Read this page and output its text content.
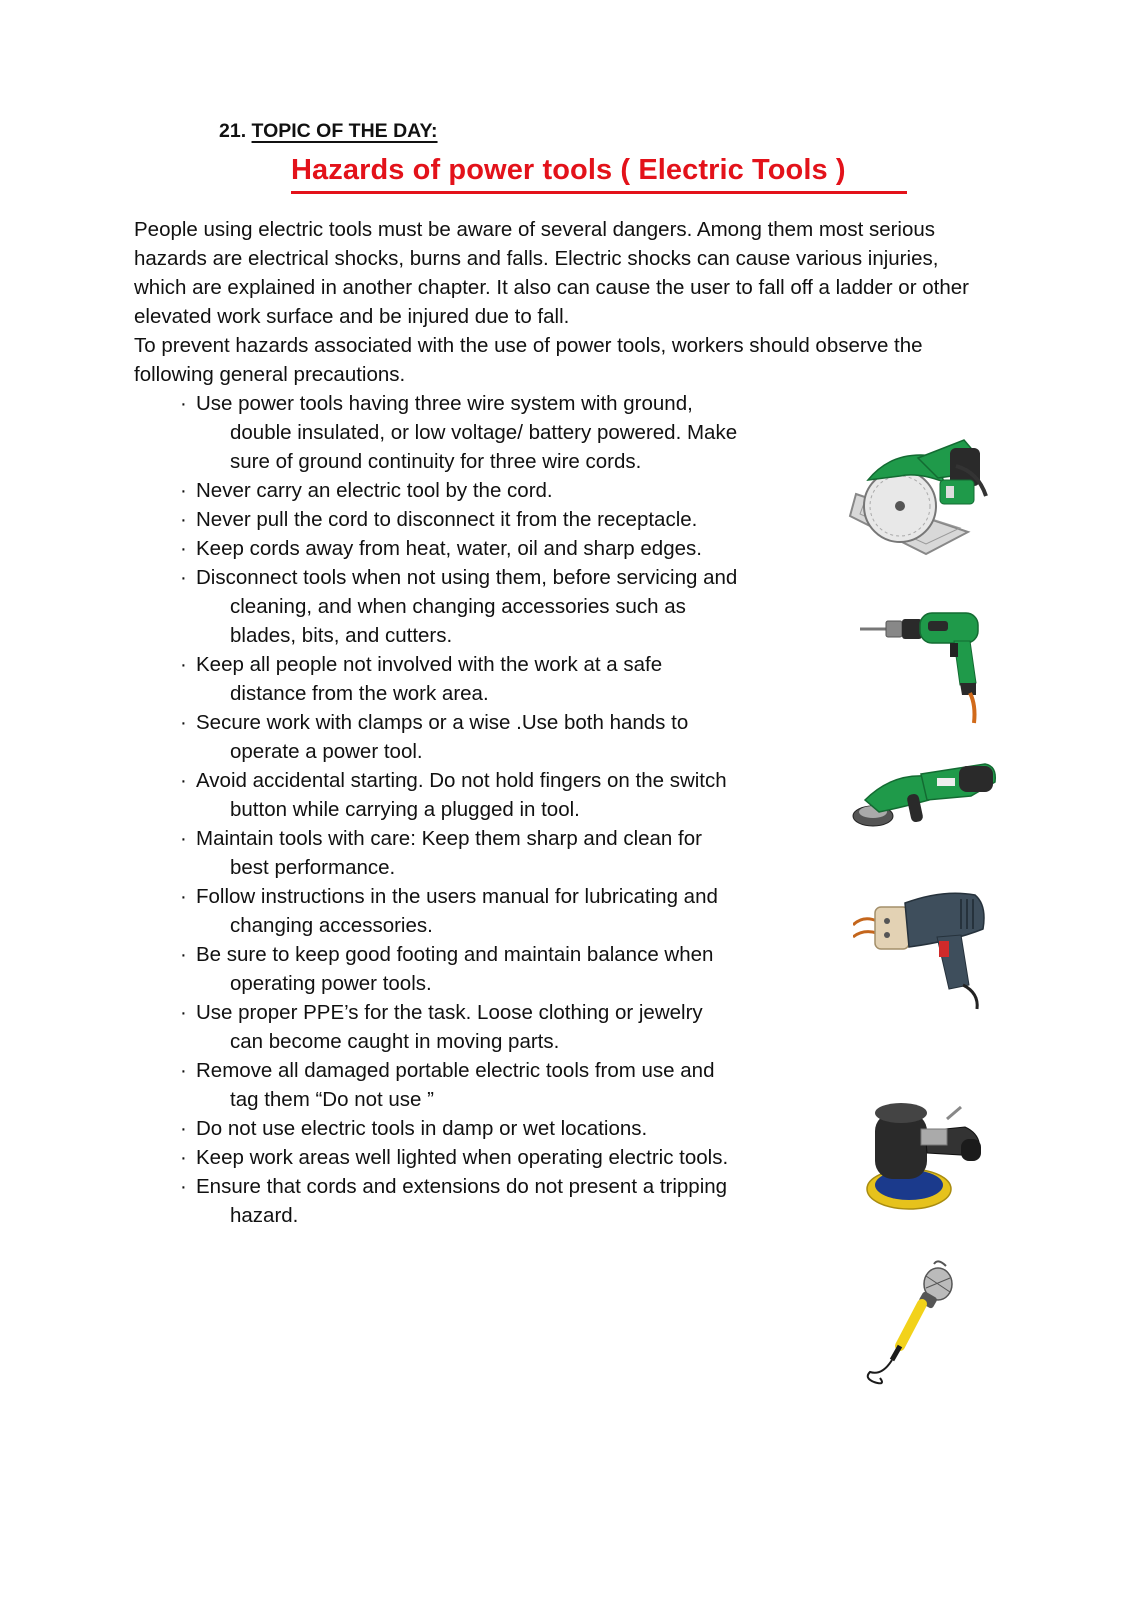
21. TOPIC OF THE DAY:
Hazards of power tools ( Electric Tools )

People using electric tools must be aware of several dangers. Among them most serious hazards are electrical shocks, burns and falls. Electric shocks can cause various injuries, which are explained in another chapter. It also can cause the user to fall off a ladder or other elevated work surface and be injured due to fall.

To prevent hazards associated with the use of power tools, workers should observe the following general precautions.

· Use power tools having three wire system with ground, double insulated, or low voltage/ battery powered. Make sure of ground continuity for three wire cords.
· Never carry an electric tool by the cord.
· Never pull the cord to disconnect it from the receptacle.
· Keep cords away from heat, water, oil and sharp edges.
· Disconnect tools when not using them, before servicing and cleaning, and when changing accessories such as blades, bits, and cutters.
· Keep all people not involved with the work at a safe distance from the work area.
· Secure work with clamps or a wise .Use both hands to operate a power tool.
· Avoid accidental starting. Do not hold fingers on the switch button while carrying a plugged in tool.
· Maintain tools with care: Keep them sharp and clean for best performance.
· Follow instructions in the users manual for lubricating and changing accessories.
· Be sure to keep good footing and maintain balance when operating power tools.
· Use proper PPE’s for the task. Loose clothing or jewelry can become caught in moving parts.
· Remove all damaged portable electric tools from use and tag them “Do not use ”
· Do not use electric tools in damp or wet locations.
· Keep work areas well lighted when operating electric tools.
· Ensure that cords and extensions do not present a tripping hazard.
